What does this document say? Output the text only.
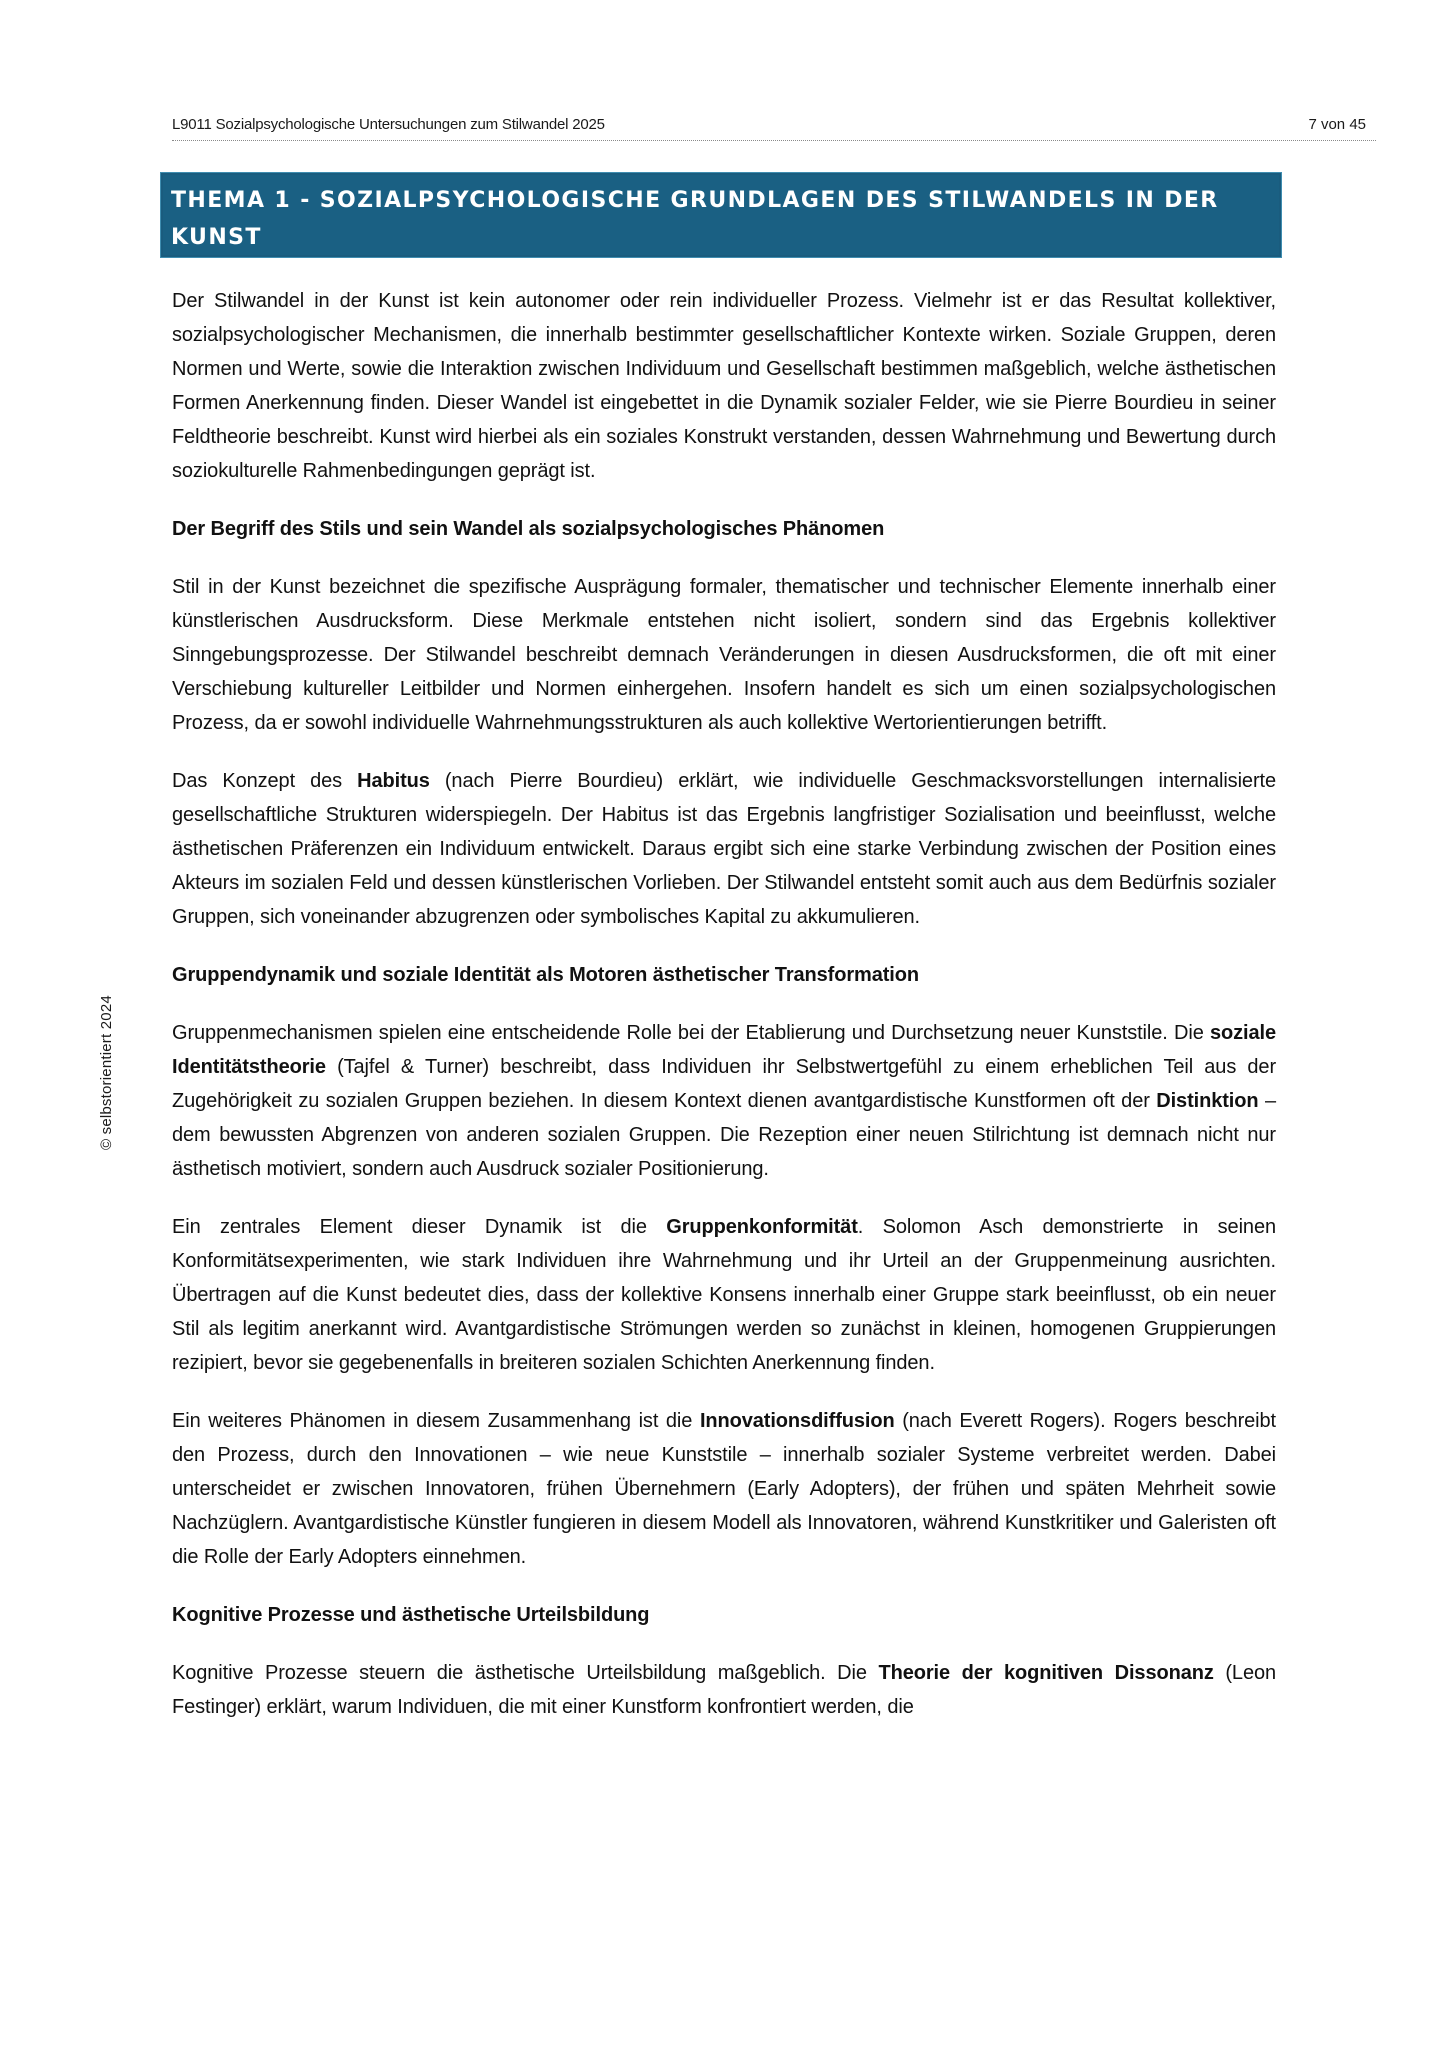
L9011 Sozialpsychologische Untersuchungen zum Stilwandel 2025	7 von 45
© selbstorientiert 2024
THEMA 1 - SOZIALPSYCHOLOGISCHE GRUNDLAGEN DES STILWANDELS IN DER KUNST

Der Stilwandel in der Kunst ist kein autonomer oder rein individueller Prozess. Vielmehr ist er das Resultat kollektiver, sozialpsychologischer Mechanismen, die innerhalb bestimmter gesellschaftlicher Kontexte wirken. Soziale Gruppen, deren Normen und Werte, sowie die Interaktion zwischen Individuum und Gesellschaft bestimmen maßgeblich, welche ästhetischen Formen Anerkennung finden. Dieser Wandel ist eingebettet in die Dynamik sozialer Felder, wie sie Pierre Bourdieu in seiner Feldtheorie beschreibt. Kunst wird hierbei als ein soziales Konstrukt verstanden, dessen Wahrnehmung und Bewertung durch soziokulturelle Rahmenbedingungen geprägt ist.

Der Begriff des Stils und sein Wandel als sozialpsychologisches Phänomen

Stil in der Kunst bezeichnet die spezifische Ausprägung formaler, thematischer und technischer Elemente innerhalb einer künstlerischen Ausdrucksform. Diese Merkmale entstehen nicht isoliert, sondern sind das Ergebnis kollektiver Sinngebungsprozesse. Der Stilwandel beschreibt demnach Veränderungen in diesen Ausdrucksformen, die oft mit einer Verschiebung kultureller Leitbilder und Normen einhergehen. Insofern handelt es sich um einen sozialpsychologischen Prozess, da er sowohl individuelle Wahrnehmungsstrukturen als auch kollektive Wertorientierungen betrifft.

Das Konzept des Habitus (nach Pierre Bourdieu) erklärt, wie individuelle Geschmacksvorstellungen internalisierte gesellschaftliche Strukturen widerspiegeln. Der Habitus ist das Ergebnis langfristiger Sozialisation und beeinflusst, welche ästhetischen Präferenzen ein Individuum entwickelt. Daraus ergibt sich eine starke Verbindung zwischen der Position eines Akteurs im sozialen Feld und dessen künstlerischen Vorlieben. Der Stilwandel entsteht somit auch aus dem Bedürfnis sozialer Gruppen, sich voneinander abzugrenzen oder symbolisches Kapital zu akkumulieren.

Gruppendynamik und soziale Identität als Motoren ästhetischer Transformation

Gruppenmechanismen spielen eine entscheidende Rolle bei der Etablierung und Durchsetzung neuer Kunststile. Die soziale Identitätstheorie (Tajfel & Turner) beschreibt, dass Individuen ihr Selbstwertgefühl zu einem erheblichen Teil aus der Zugehörigkeit zu sozialen Gruppen beziehen. In diesem Kontext dienen avantgardistische Kunstformen oft der Distinktion – dem bewussten Abgrenzen von anderen sozialen Gruppen. Die Rezeption einer neuen Stilrichtung ist demnach nicht nur ästhetisch motiviert, sondern auch Ausdruck sozialer Positionierung.

Ein zentrales Element dieser Dynamik ist die Gruppenkonformität. Solomon Asch demonstrierte in seinen Konformitätsexperimenten, wie stark Individuen ihre Wahrnehmung und ihr Urteil an der Gruppenmeinung ausrichten. Übertragen auf die Kunst bedeutet dies, dass der kollektive Konsens innerhalb einer Gruppe stark beeinflusst, ob ein neuer Stil als legitim anerkannt wird. Avantgardistische Strömungen werden so zunächst in kleinen, homogenen Gruppierungen rezipiert, bevor sie gegebenenfalls in breiteren sozialen Schichten Anerkennung finden.

Ein weiteres Phänomen in diesem Zusammenhang ist die Innovationsdiffusion (nach Everett Rogers). Rogers beschreibt den Prozess, durch den Innovationen – wie neue Kunststile – innerhalb sozialer Systeme verbreitet werden. Dabei unterscheidet er zwischen Innovatoren, frühen Übernehmern (Early Adopters), der frühen und späten Mehrheit sowie Nachzüglern. Avantgardistische Künstler fungieren in diesem Modell als Innovatoren, während Kunstkritiker und Galeristen oft die Rolle der Early Adopters einnehmen.

Kognitive Prozesse und ästhetische Urteilsbildung

Kognitive Prozesse steuern die ästhetische Urteilsbildung maßgeblich. Die Theorie der kognitiven Dissonanz (Leon Festinger) erklärt, warum Individuen, die mit einer Kunstform konfrontiert werden, die
